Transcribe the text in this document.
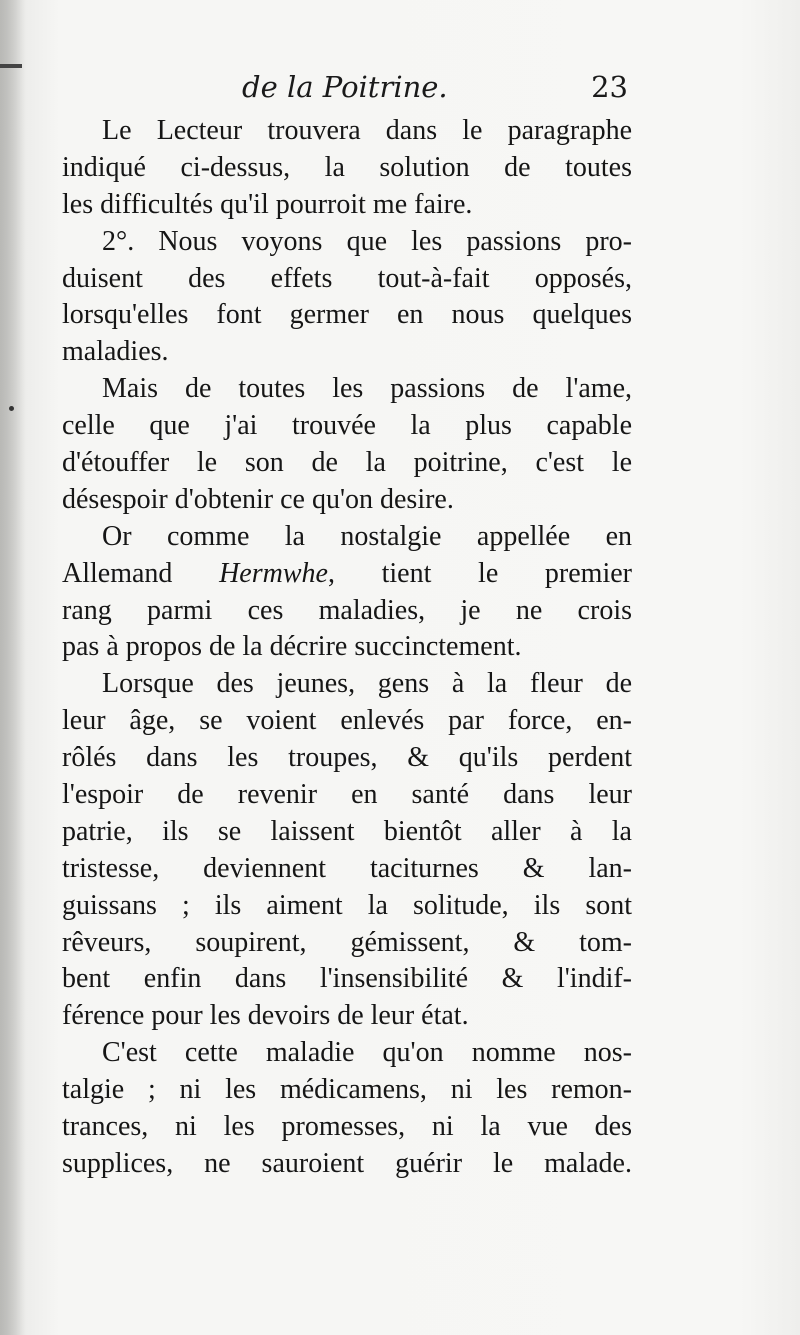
de la Poitrine.	23
Le Lecteur trouvera dans le paragraphe
indiqué ci-dessus, la solution de toutes
les difficultés qu'il pourroit me faire.
2°. Nous voyons que les passions pro-
duisent des effets tout-à-fait opposés,
lorsqu'elles font germer en nous quelques
maladies.
Mais de toutes les passions de l'ame,
celle que j'ai trouvée la plus capable
d'étouffer le son de la poitrine, c'est le
désespoir d'obtenir ce qu'on desire.
Or comme la nostalgie appellée en
Allemand Hermwhe, tient le premier
rang parmi ces maladies, je ne crois
pas à propos de la décrire succinctement.
Lorsque des jeunes, gens à la fleur de
leur âge, se voient enlevés par force, en-
rôlés dans les troupes, & qu'ils perdent
l'espoir de revenir en santé dans leur
patrie, ils se laissent bientôt aller à la
tristesse, deviennent taciturnes & lan-
guissans ; ils aiment la solitude, ils sont
rêveurs, soupirent, gémissent, & tom-
bent enfin dans l'insensibilité & l'indif-
férence pour les devoirs de leur état.
C'est cette maladie qu'on nomme nos-
talgie ; ni les médicamens, ni les remon-
trances, ni les promesses, ni la vue des
supplices, ne sauroient guérir le malade.
